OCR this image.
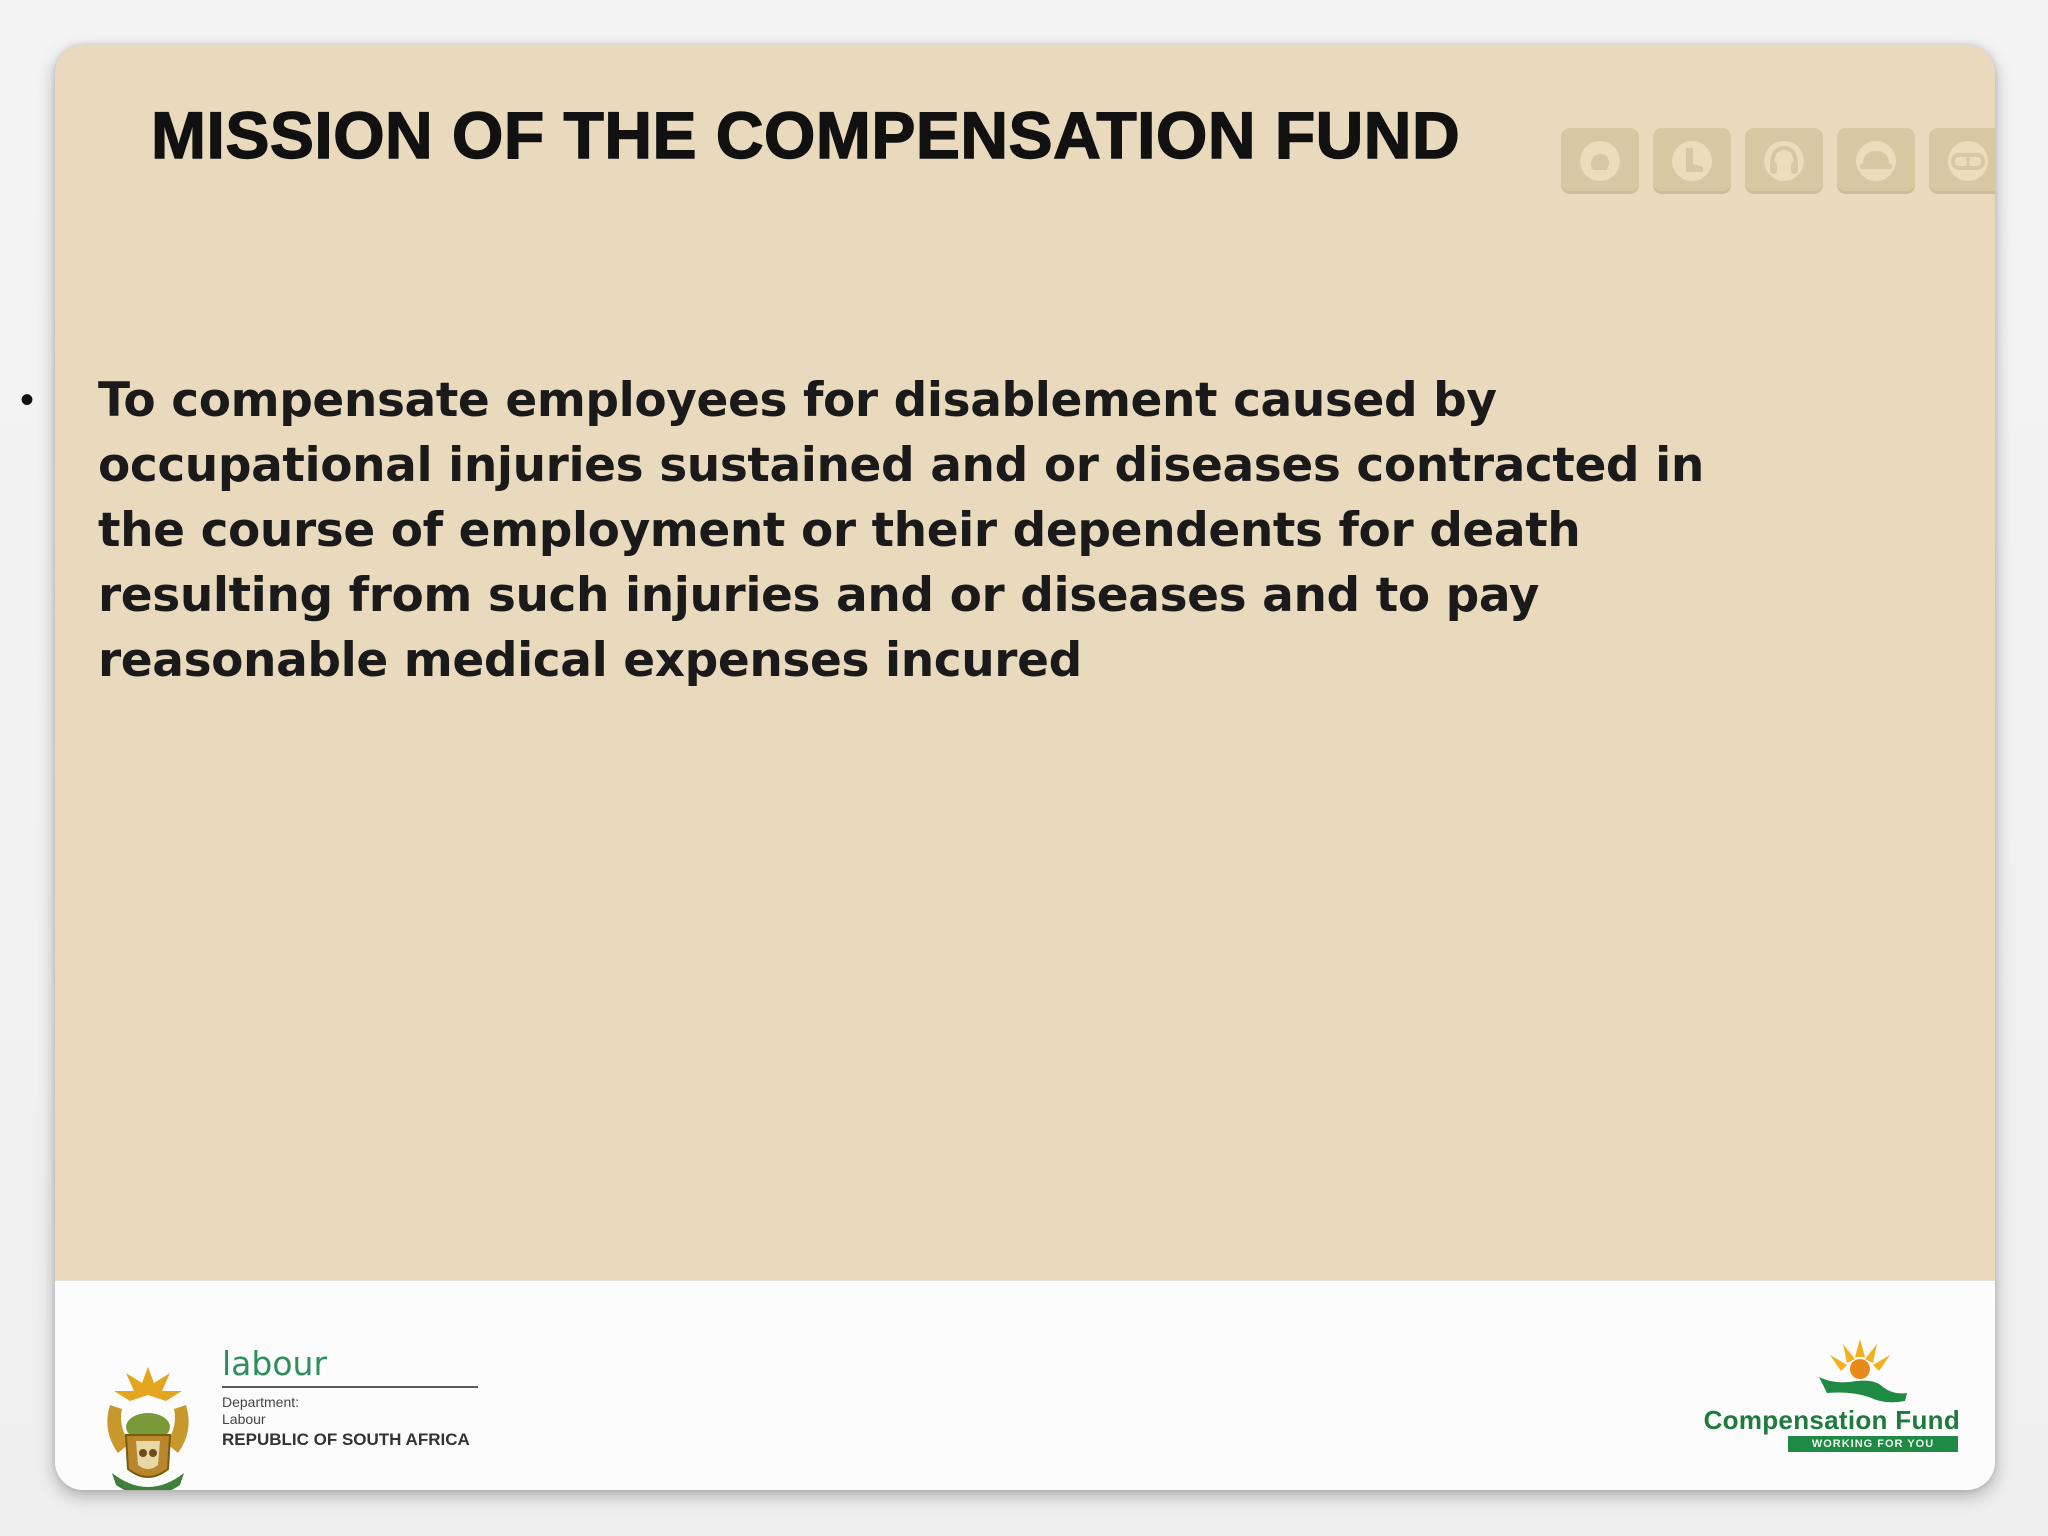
MISSION OF THE COMPENSATION FUND
•	To compensate employees for disablement caused by occupational injuries sustained and or diseases contracted in the course of employment or their dependents for death resulting from such injuries and or diseases and to pay reasonable medical expenses incured
labour
Department:
Labour
REPUBLIC OF SOUTH AFRICA
Compensation Fund
WORKING FOR YOU
